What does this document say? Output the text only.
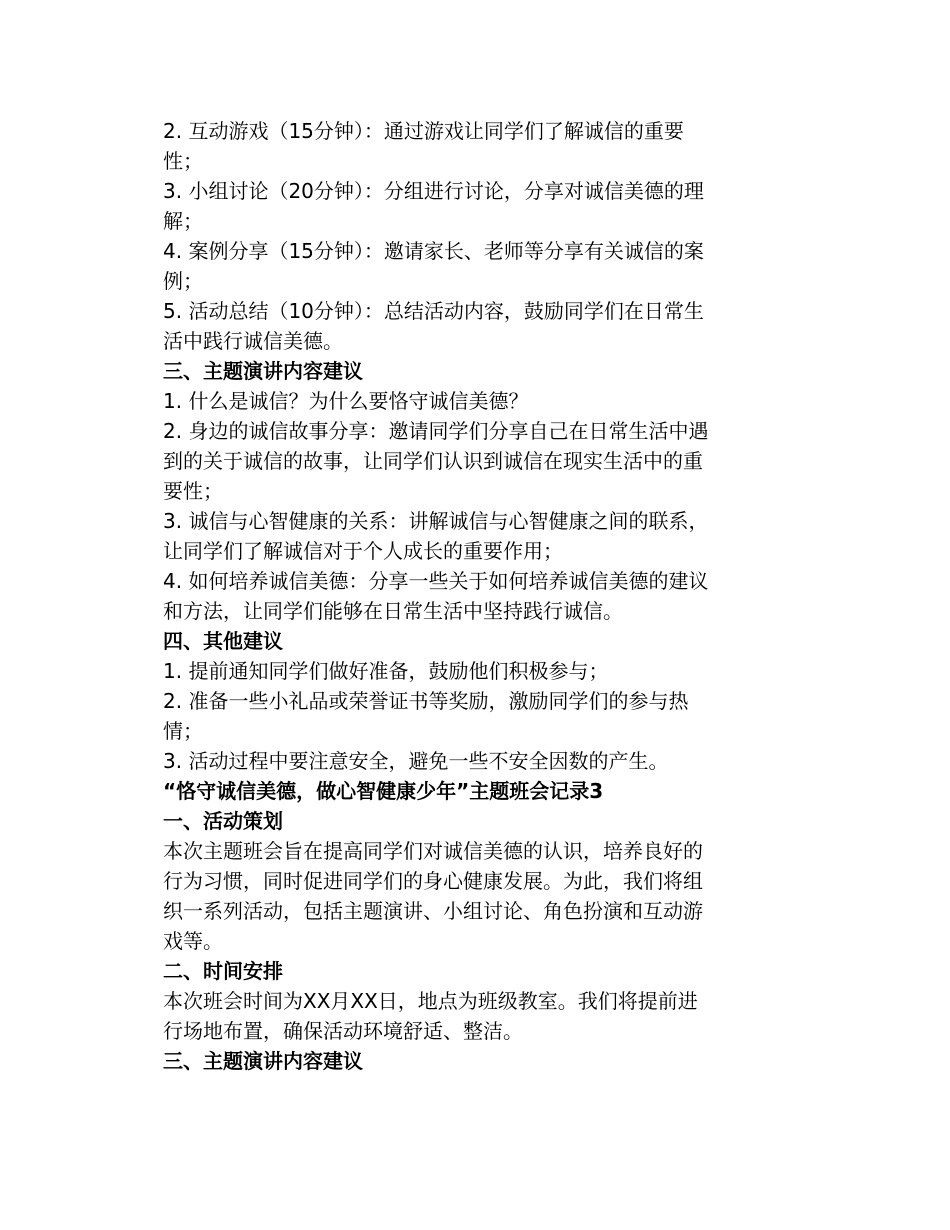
2. 互动游戏（15分钟）：通过游戏让同学们了解诚信的重要
性；
3. 小组讨论（20分钟）：分组进行讨论，分享对诚信美德的理
解；
4. 案例分享（15分钟）：邀请家长、老师等分享有关诚信的案
例；
5. 活动总结（10分钟）：总结活动内容，鼓励同学们在日常生
活中践行诚信美德。
三、主题演讲内容建议
1. 什么是诚信？为什么要恪守诚信美德？
2. 身边的诚信故事分享：邀请同学们分享自己在日常生活中遇
到的关于诚信的故事，让同学们认识到诚信在现实生活中的重
要性；
3. 诚信与心智健康的关系：讲解诚信与心智健康之间的联系，
让同学们了解诚信对于个人成长的重要作用；
4. 如何培养诚信美德：分享一些关于如何培养诚信美德的建议
和方法，让同学们能够在日常生活中坚持践行诚信。
四、其他建议
1. 提前通知同学们做好准备，鼓励他们积极参与；
2. 准备一些小礼品或荣誉证书等奖励，激励同学们的参与热
情；
3. 活动过程中要注意安全，避免一些不安全因数的产生。
“恪守诚信美德，做心智健康少年”主题班会记录3
一、活动策划
本次主题班会旨在提高同学们对诚信美德的认识，培养良好的
行为习惯，同时促进同学们的身心健康发展。为此，我们将组
织一系列活动，包括主题演讲、小组讨论、角色扮演和互动游
戏等。
二、时间安排
本次班会时间为XX月XX日，地点为班级教室。我们将提前进
行场地布置，确保活动环境舒适、整洁。
三、主题演讲内容建议
